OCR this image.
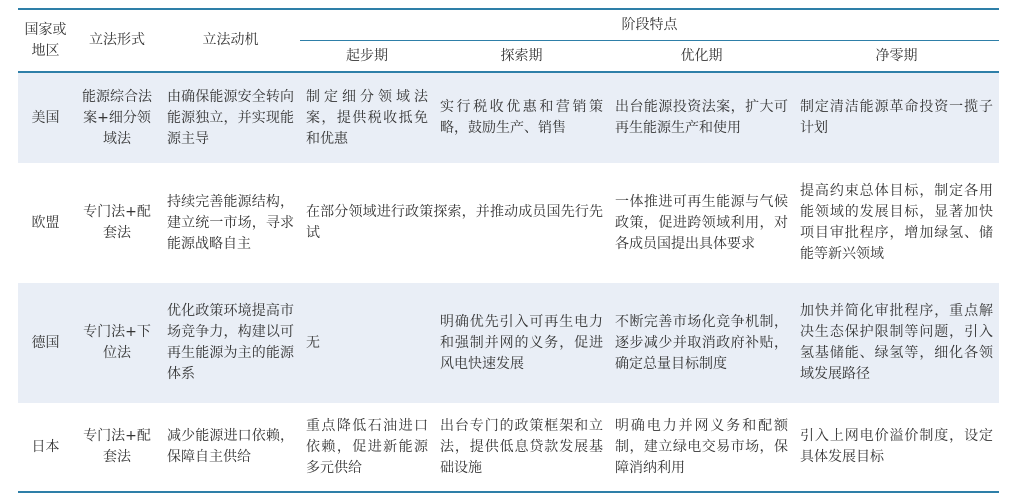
国家或
地区	立法形式	立法动机	阶段特点			
			起步期	探索期	优化期	净零期
美国	能源综合法案+细分领域法	由确保能源安全转向能源独立，并实现能源主导	制定细分领域法案，提供税收抵免和优惠	实行税收优惠和营销策略，鼓励生产、销售	出台能源投资法案，扩大可再生能源生产和使用	制定清洁能源革命投资一揽子计划
欧盟	专门法+配套法	持续完善能源结构，建立统一市场，寻求能源战略自主	在部分领域进行政策探索，并推动成员国先行先试		一体推进可再生能源与气候政策，促进跨领域利用，对各成员国提出具体要求	提高约束总体目标，制定各用能领域的发展目标，显著加快项目审批程序，增加绿氢、储能等新兴领域
德国	专门法+下位法	优化政策环境提高市场竞争力，构建以可再生能源为主的能源体系	无	明确优先引入可再生电力和强制并网的义务，促进风电快速发展	不断完善市场化竞争机制，逐步减少并取消政府补贴，确定总量目标制度	加快并简化审批程序，重点解决生态保护限制等问题，引入氢基储能、绿氢等，细化各领域发展路径
日本	专门法+配套法	减少能源进口依赖，保障自主供给	重点降低石油进口依赖，促进新能源多元供给	出台专门的政策框架和立法，提供低息贷款发展基础设施	明确电力并网义务和配额制，建立绿电交易市场，保障消纳利用	引入上网电价溢价制度，设定具体发展目标
